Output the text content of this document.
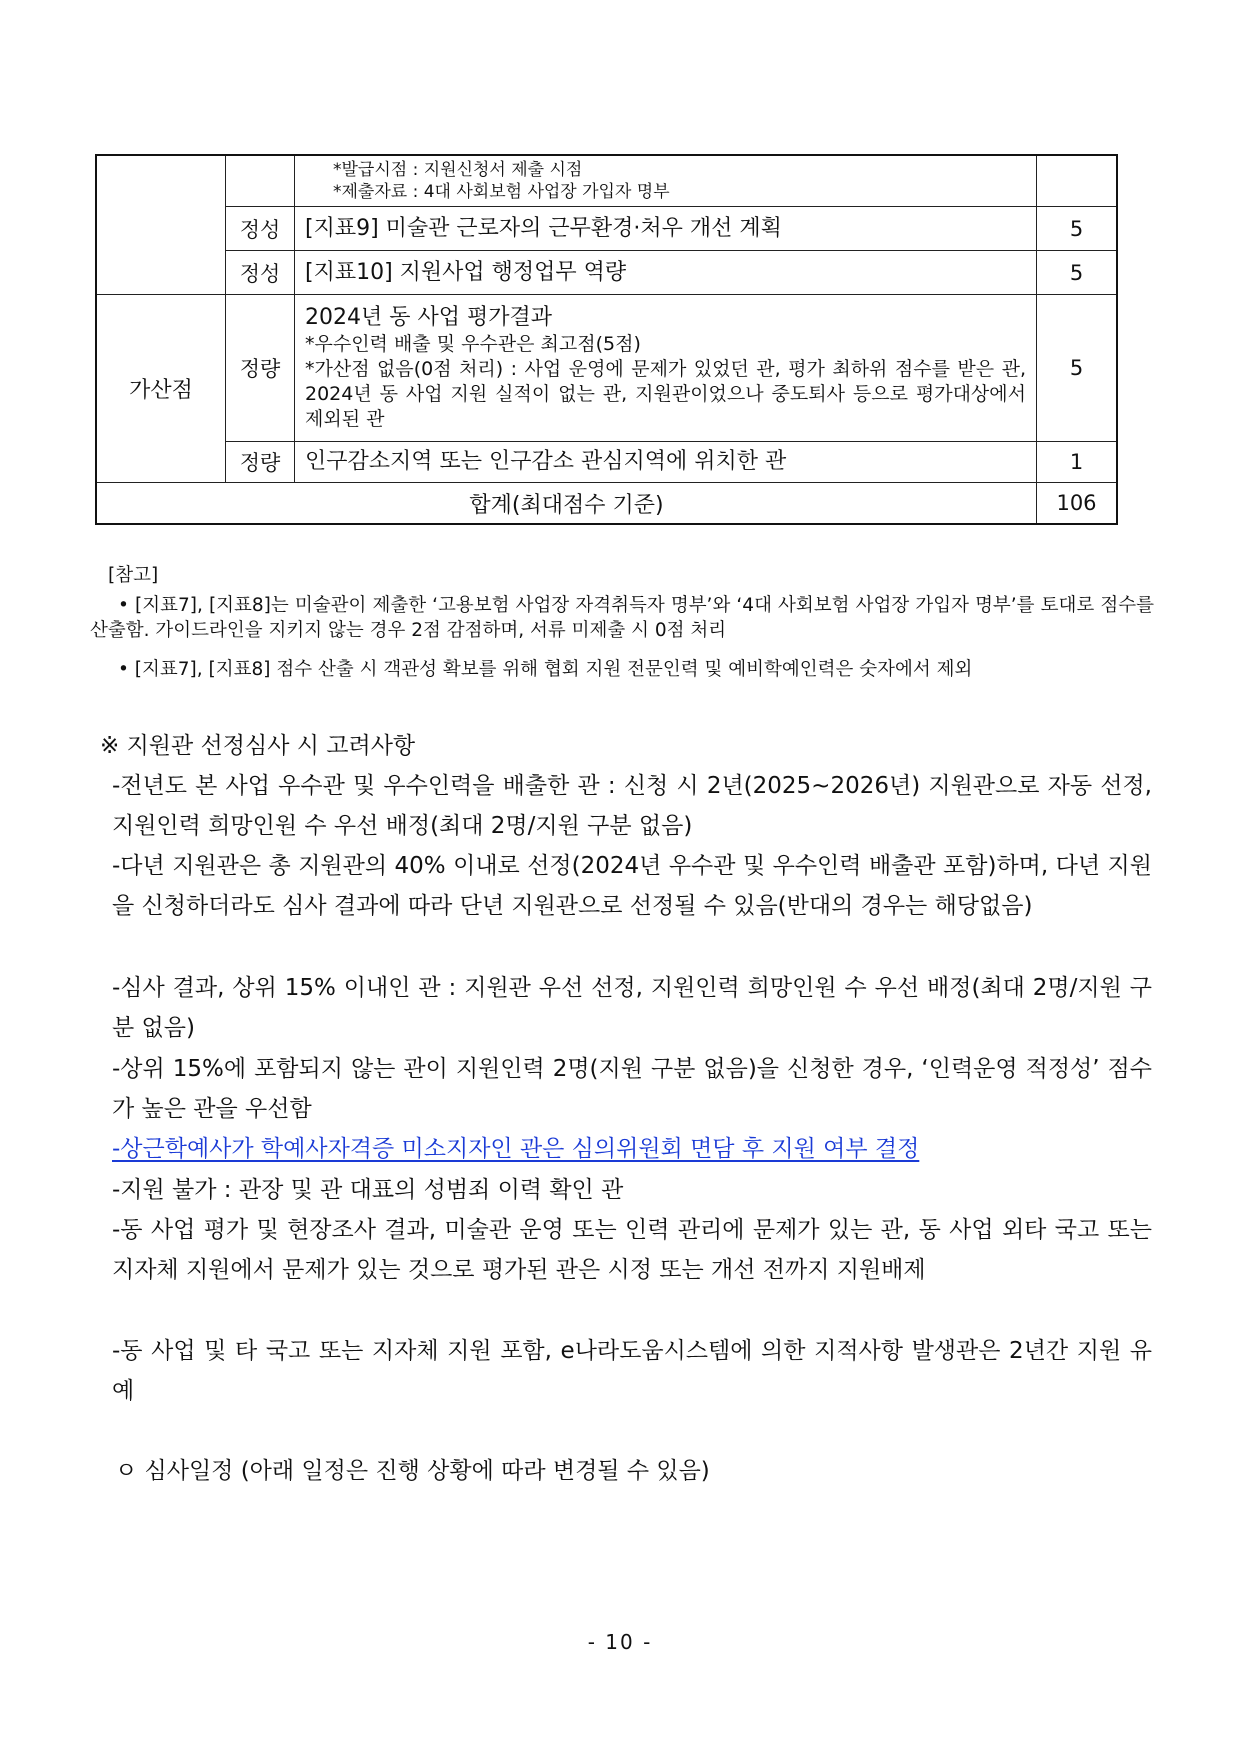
		*발급시점 : 지원신청서 제출 시점
*제출자료 : 4대 사회보험 사업장 가입자 명부	

	정성	[지표9] 미술관 근로자의 근무환경·처우 개선 계획	5
	정성	[지표10] 지원사업 행정업무 역량	5
가산점	정량	2024년 동 사업 평가결과
*우수인력 배출 및 우수관은 최고점(5점)
*가산점 없음(0점 처리) : 사업 운영에 문제가 있었던 관, 평가 최하위 점수를 받은 관, 2024년 동 사업 지원 실적이 없는 관, 지원관이었으나 중도퇴사 등으로 평가대상에서 제외된 관	5
	정량	인구감소지역 또는 인구감소 관심지역에 위치한 관	1
합계(최대점수 기준)			106
[참고]
• [지표7], [지표8]는 미술관이 제출한 ‘고용보험 사업장 자격취득자 명부’와 ‘4대 사회보험 사업장 가입자 명부’를 토대로 점수를 산출함. 가이드라인을 지키지 않는 경우 2점 감점하며, 서류 미제출 시 0점 처리
• [지표7], [지표8] 점수 산출 시 객관성 확보를 위해 협회 지원 전문인력 및 예비학예인력은 숫자에서 제외
※ 지원관 선정심사 시 고려사항
-전년도 본 사업 우수관 및 우수인력을 배출한 관 : 신청 시 2년(2025~2026년) 지원관으로 자동 선정, 지원인력 희망인원 수 우선 배정(최대 2명/지원 구분 없음)
-다년 지원관은 총 지원관의 40% 이내로 선정(2024년 우수관 및 우수인력 배출관 포함)하며, 다년 지원을 신청하더라도 심사 결과에 따라 단년 지원관으로 선정될 수 있음(반대의 경우는 해당없음)
-심사 결과, 상위 15% 이내인 관 : 지원관 우선 선정, 지원인력 희망인원 수 우선 배정(최대 2명/지원 구분 없음)
-상위 15%에 포함되지 않는 관이 지원인력 2명(지원 구분 없음)을 신청한 경우, ‘인력운영 적정성’ 점수가 높은 관을 우선함
-상근학예사가 학예사자격증 미소지자인 관은 심의위원회 면담 후 지원 여부 결정
-지원 불가 : 관장 및 관 대표의 성범죄 이력 확인 관
-동 사업 평가 및 현장조사 결과, 미술관 운영 또는 인력 관리에 문제가 있는 관, 동 사업 외타 국고 또는 지자체 지원에서 문제가 있는 것으로 평가된 관은 시정 또는 개선 전까지 지원배제
-동 사업 및 타 국고 또는 지자체 지원 포함, e나라도움시스템에 의한 지적사항 발생관은 2년간 지원 유예
ㅇ 심사일정 (아래 일정은 진행 상황에 따라 변경될 수 있음)
- 10 -
